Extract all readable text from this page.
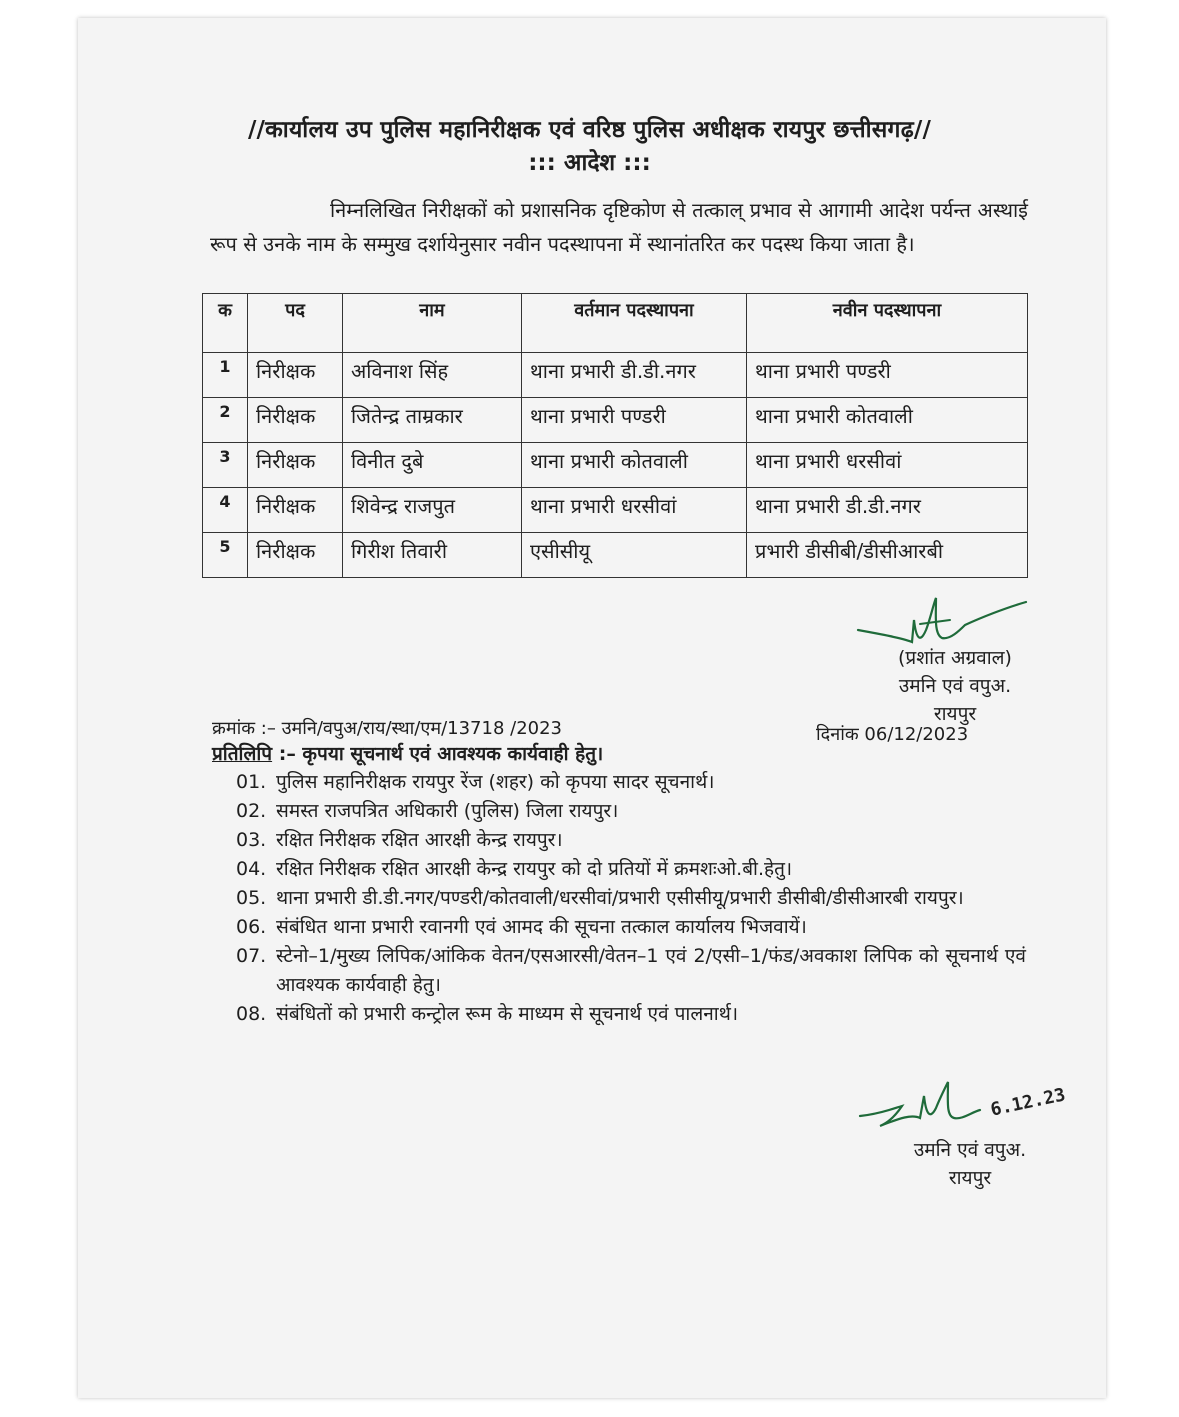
//कार्यालय उप पुलिस महानिरीक्षक एवं वरिष्ठ पुलिस अधीक्षक रायपुर छत्तीसगढ़//
::: आदेश :::
निम्नलिखित निरीक्षकों को प्रशासनिक दृष्टिकोण से तत्काल् प्रभाव से आगामी आदेश पर्यन्त अस्थाई रूप से उनके नाम के सम्मुख दर्शायेनुसार नवीन पदस्थापना में स्थानांतरित कर पदस्थ किया जाता है।
क	पद	नाम	वर्तमान पदस्थापना	नवीन पदस्थापना
1	निरीक्षक	अविनाश सिंह	थाना प्रभारी डी.डी.नगर	थाना प्रभारी पण्डरी
2	निरीक्षक	जितेन्द्र ताम्रकार	थाना प्रभारी पण्डरी	थाना प्रभारी कोतवाली
3	निरीक्षक	विनीत दुबे	थाना प्रभारी कोतवाली	थाना प्रभारी धरसीवां
4	निरीक्षक	शिवेन्द्र राजपुत	थाना प्रभारी धरसीवां	थाना प्रभारी डी.डी.नगर
5	निरीक्षक	गिरीश तिवारी	एसीसीयू	प्रभारी डीसीबी/डीसीआरबी
(प्रशांत अग्रवाल)
उमनि एवं वपुअ.
रायपुर
क्रमांक :– उमनि/वपुअ/राय/स्था/एम/13718 /2023	दिनांक 06/12/2023
प्रतिलिपि :– कृपया सूचनार्थ एवं आवश्यक कार्यवाही हेतु।
01. पुलिस महानिरीक्षक रायपुर रेंज (शहर) को कृपया सादर सूचनार्थ।
02. समस्त राजपत्रित अधिकारी (पुलिस) जिला रायपुर।
03. रक्षित निरीक्षक रक्षित आरक्षी केन्द्र रायपुर।
04. रक्षित निरीक्षक रक्षित आरक्षी केन्द्र रायपुर को दो प्रतियों में क्रमशःओ.बी.हेतु।
05. थाना प्रभारी डी.डी.नगर/पण्डरी/कोतवाली/धरसीवां/प्रभारी एसीसीयू/प्रभारी डीसीबी/डीसीआरबी रायपुर।
06. संबंधित थाना प्रभारी रवानगी एवं आमद की सूचना तत्काल कार्यालय भिजवायें।
07. स्टेनो–1/मुख्य लिपिक/आंकिक वेतन/एसआरसी/वेतन–1 एवं 2/एसी–1/फंड/अवकाश लिपिक को सूचनार्थ एवं आवश्यक कार्यवाही हेतु।
08. संबंधितों को प्रभारी कन्ट्रोल रूम के माध्यम से सूचनार्थ एवं पालनार्थ।
6.12.23
उमनि एवं वपुअ.
रायपुर
